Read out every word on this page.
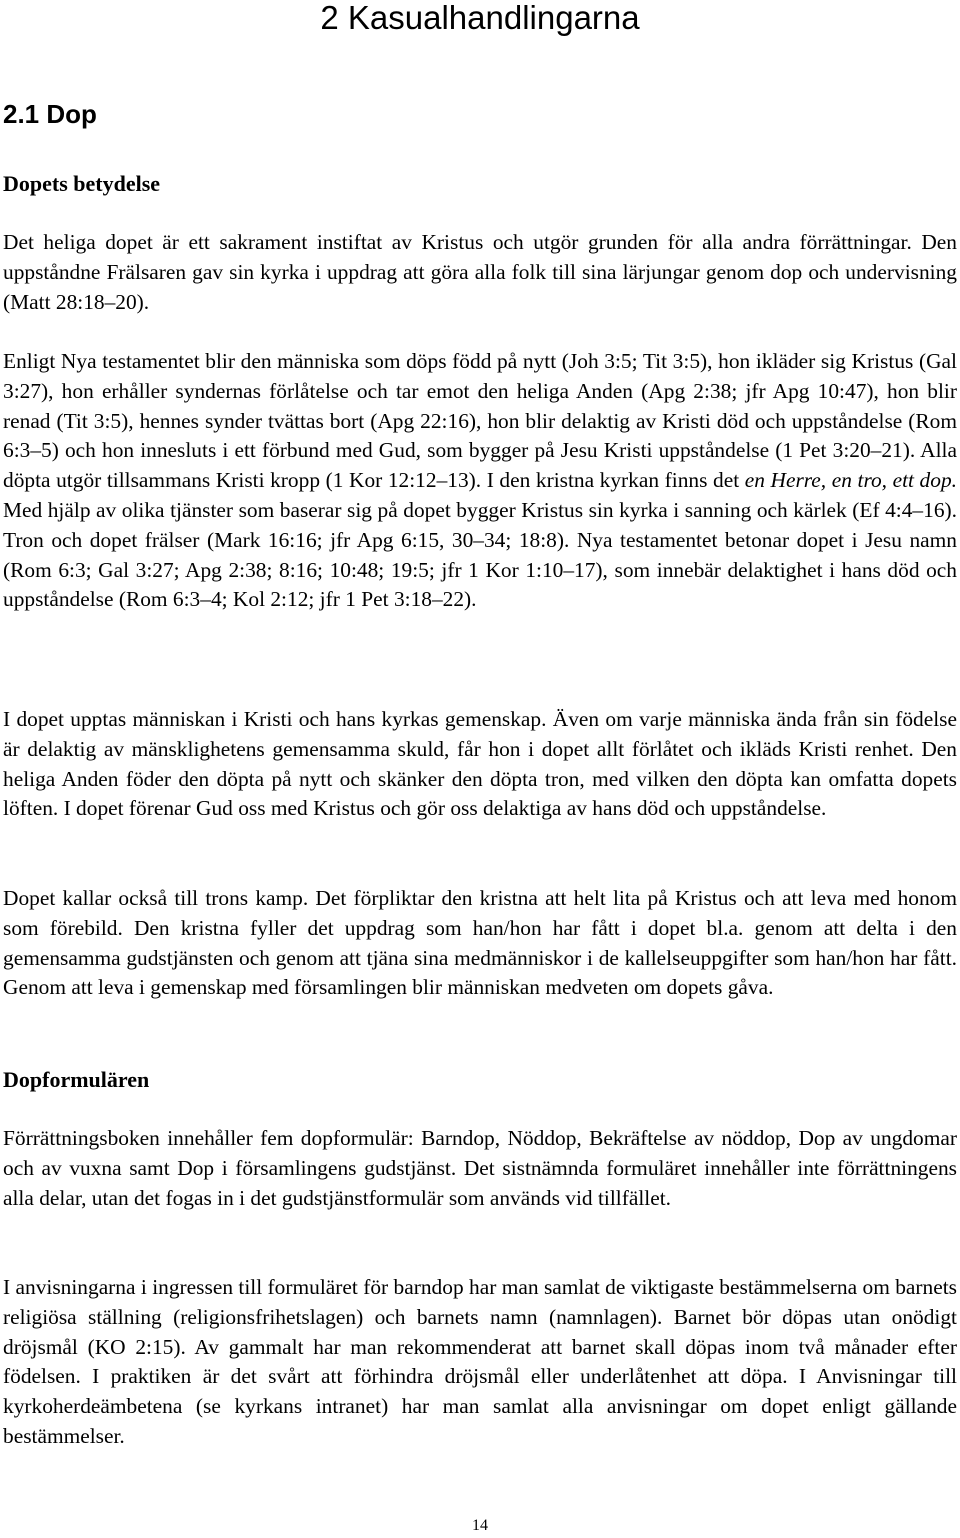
2 Kasualhandlingarna
2.1 Dop
Dopets betydelse

Det heliga dopet är ett sakrament instiftat av Kristus och utgör grunden för alla andra förrättningar. Den uppståndne Frälsaren gav sin kyrka i uppdrag att göra alla folk till sina lärjungar genom dop och undervisning (Matt 28:18–20).

Enligt Nya testamentet blir den människa som döps född på nytt (Joh 3:5; Tit 3:5), hon ikläder sig Kristus (Gal 3:27), hon erhåller syndernas förlåtelse och tar emot den heliga Anden (Apg 2:38; jfr Apg 10:47), hon blir renad (Tit 3:5), hennes synder tvättas bort (Apg 22:16), hon blir delaktig av Kristi död och uppståndelse (Rom 6:3–5) och hon innesluts i ett förbund med Gud, som bygger på Jesu Kristi uppståndelse (1 Pet 3:20–21). Alla döpta utgör tillsammans Kristi kropp (1 Kor 12:12–13). I den kristna kyrkan finns det en Herre, en tro, ett dop. Med hjälp av olika tjänster som baserar sig på dopet bygger Kristus sin kyrka i sanning och kärlek (Ef 4:4–16). Tron och dopet frälser (Mark 16:16; jfr Apg 6:15, 30–34; 18:8). Nya testamentet betonar dopet i Jesu namn (Rom 6:3; Gal 3:27; Apg 2:38; 8:16; 10:48; 19:5; jfr 1 Kor 1:10–17), som innebär delaktighet i hans död och uppståndelse (Rom 6:3–4; Kol 2:12; jfr 1 Pet 3:18–22).

I dopet upptas människan i Kristi och hans kyrkas gemenskap. Även om varje människa ända från sin födelse är delaktig av mänsklighetens gemensamma skuld, får hon i dopet allt förlåtet och ikläds Kristi renhet. Den heliga Anden föder den döpta på nytt och skänker den döpta tron, med vilken den döpta kan omfatta dopets löften. I dopet förenar Gud oss med Kristus och gör oss delaktiga av hans död och uppståndelse.

Dopet kallar också till trons kamp. Det förpliktar den kristna att helt lita på Kristus och att leva med honom som förebild. Den kristna fyller det uppdrag som han/hon har fått i dopet bl.a. genom att delta i den gemensamma gudstjänsten och genom att tjäna sina medmänniskor i de kallelseuppgifter som han/hon har fått. Genom att leva i gemenskap med församlingen blir människan medveten om dopets gåva.

Dopformulären

Förrättningsboken innehåller fem dopformulär: Barndop, Nöddop, Bekräftelse av nöddop, Dop av ungdomar och av vuxna samt Dop i församlingens gudstjänst. Det sistnämnda formuläret innehåller inte förrättningens alla delar, utan det fogas in i det gudstjänstformulär som används vid tillfället.

I anvisningarna i ingressen till formuläret för barndop har man samlat de viktigaste bestämmelserna om barnets religiösa ställning (religionsfrihetslagen) och barnets namn (namnlagen). Barnet bör döpas utan onödigt dröjsmål (KO 2:15). Av gammalt har man rekommenderat att barnet skall döpas inom två månader efter födelsen. I praktiken är det svårt att förhindra dröjsmål eller underlåtenhet att döpa. I Anvisningar till kyrkoherdeämbetena (se kyrkans intranet) har man samlat alla anvisningar om dopet enligt gällande bestämmelser.

14
